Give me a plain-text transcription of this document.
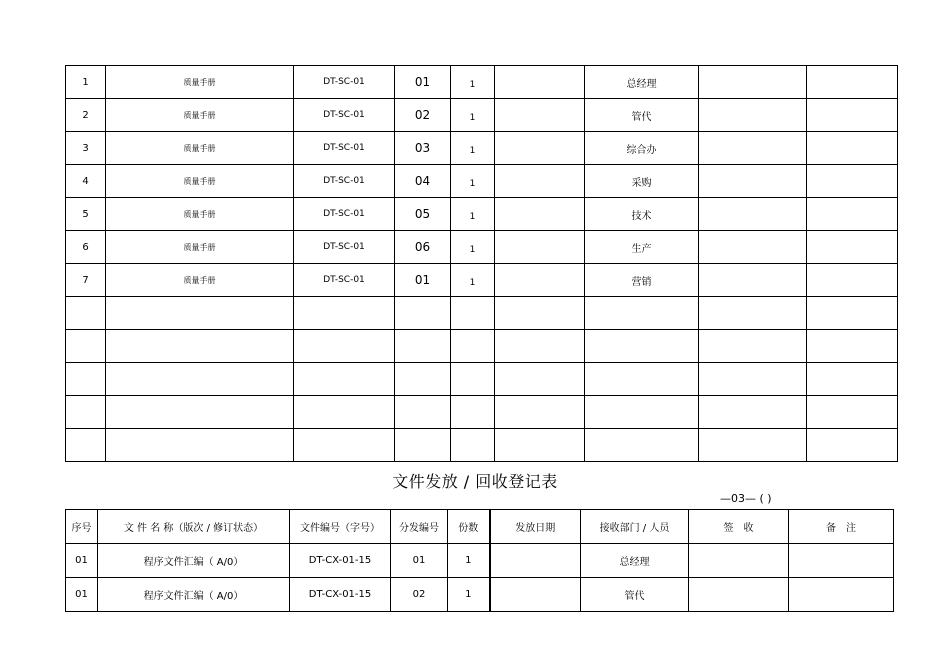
1	质量手册	DT-SC-01	01	1		总经理		
2	质量手册	DT-SC-01	02	1		管代		
3	质量手册	DT-SC-01	03	1		综合办		
4	质量手册	DT-SC-01	04	1		采购		
5	质量手册	DT-SC-01	05	1		技术		
6	质量手册	DT-SC-01	06	1		生产		
7	质量手册	DT-SC-01	01	1		营销		

文件发放 / 回收登记表
—03— ( )
序号	文 件 名 称（版次 / 修订状态）	文件编号（字号）	分发编号	份数	发放日期	接收部门 / 人员	签　收	备　注
01	程序文件汇编（ A/0）	DT-CX-01-15	01	1		总经理		
01	程序文件汇编（ A/0）	DT-CX-01-15	02	1		管代		
